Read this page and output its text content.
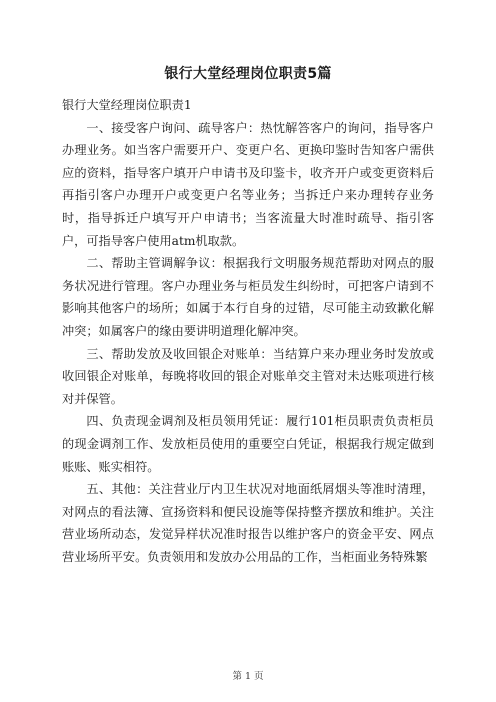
银行大堂经理岗位职责5篇

银行大堂经理岗位职责1

一、接受客户询问、疏导客户：热忱解答客户的询问，指导客户办理业务。如当客户需要开户、变更户名、更换印鉴时告知客户需供应的资料，指导客户填开户申请书及印鉴卡，收齐开户或变更资料后再指引客户办理开户或变更户名等业务；当拆迁户来办理转存业务时，指导拆迁户填写开户申请书；当客流量大时准时疏导、指引客户，可指导客户使用atm机取款。

二、帮助主管调解争议：根据我行文明服务规范帮助对网点的服务状况进行管理。客户办理业务与柜员发生纠纷时，可把客户请到不影响其他客户的场所；如属于本行自身的过错，尽可能主动致歉化解冲突；如属客户的缘由要讲明道理化解冲突。

三、帮助发放及收回银企对账单：当结算户来办理业务时发放或收回银企对账单，每晚将收回的银企对账单交主管对未达账项进行核对并保管。

四、负责现金调剂及柜员领用凭证：履行101柜员职责负责柜员的现金调剂工作、发放柜员使用的重要空白凭证，根据我行规定做到账账、账实相符。

五、其他：关注营业厅内卫生状况对地面纸屑烟头等准时清理，对网点的看法簿、宣扬资料和便民设施等保持整齐摆放和维护。关注营业场所动态，发觉异样状况准时报告以维护客户的资金平安、网点营业场所平安。负责领用和发放办公用品的工作，当柜面业务特殊繁

第 1 页
